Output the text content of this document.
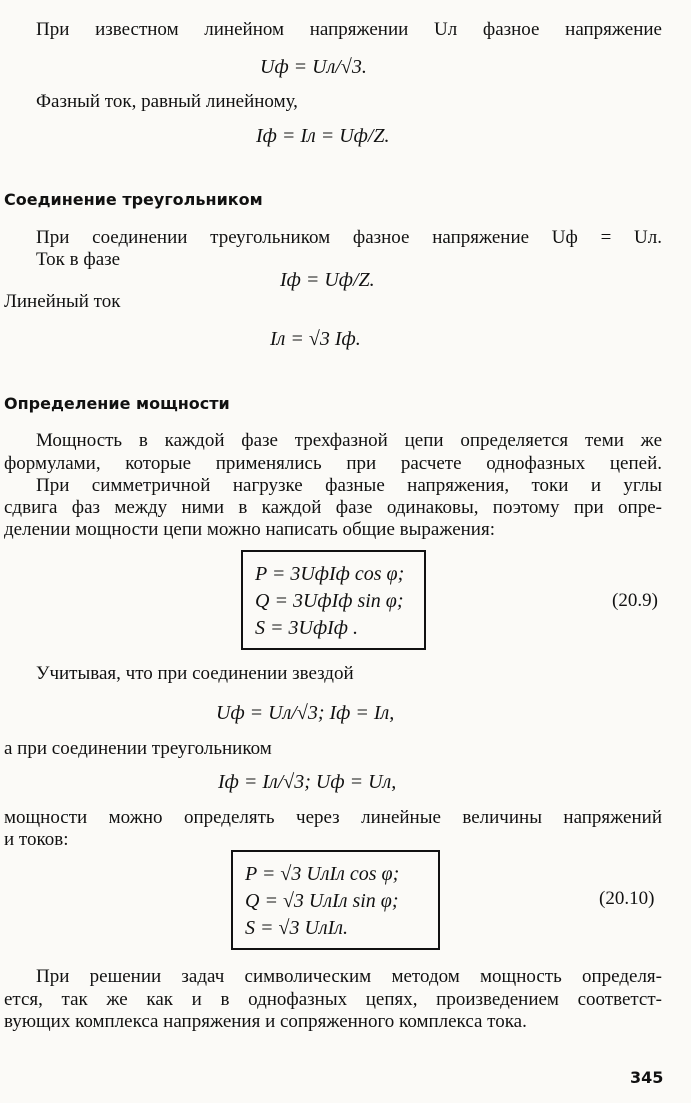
При известном линейном напряжении Uл фазное напряжение
Uф = Uл/√3.
Фазный ток, равный линейному,
Iф = Iл = Uф/Z.
Соединение треугольником
При соединении треугольником фазное напряжение Uф = Uл.
Ток в фазе
Iф = Uф/Z.
Линейный ток
Iл = √3 Iф.
Определение мощности
Мощность в каждой фазе трехфазной цепи определяется теми же
формулами, которые применялись при расчете однофазных цепей.
При симметричной нагрузке фазные напряжения, токи и углы
сдвига фаз между ними в каждой фазе одинаковы, поэтому при опре-
делении мощности цепи можно написать общие выражения:
P = 3UфIф cos φ;
Q = 3UфIф sin φ;
S = 3UфIф .
(20.9)
Учитывая, что при соединении звездой
Uф = Uл/√3; Iф = Iл,
а при соединении треугольником
Iф = Iл/√3; Uф = Uл,
мощности можно определять через линейные величины напряжений
и токов:
P = √3 UлIл cos φ;
Q = √3 UлIл sin φ;
S = √3 UлIл.
(20.10)
При решении задач символическим методом мощность определя-
ется, так же как и в однофазных цепях, произведением соответст-
вующих комплекса напряжения и сопряженного комплекса тока.
345
